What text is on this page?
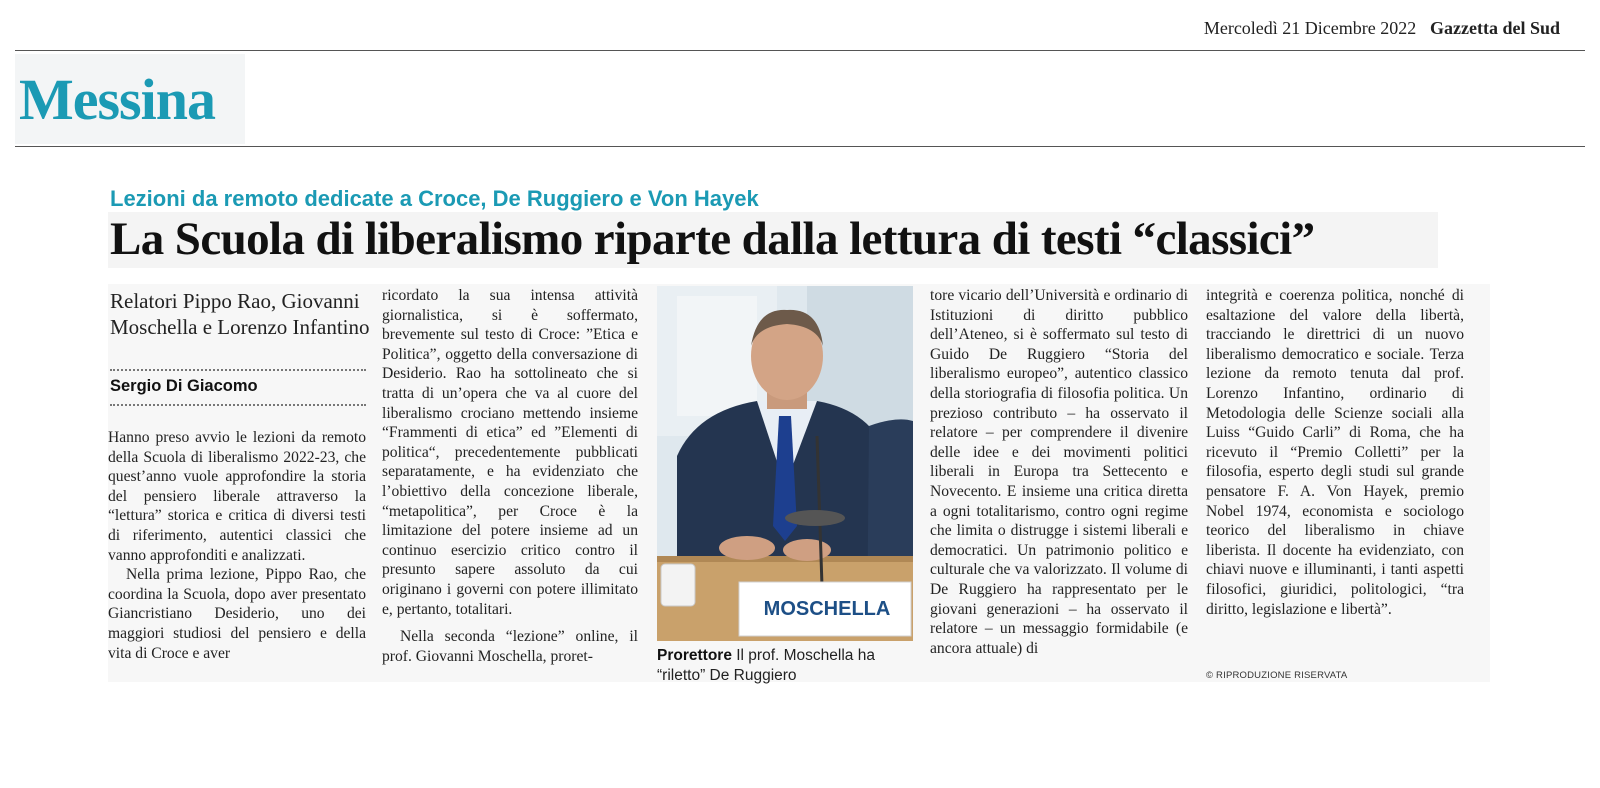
Mercoledì 21 Dicembre 2022 Gazzetta del Sud
Messina
Lezioni da remoto dedicate a Croce, De Ruggiero e Von Hayek
La Scuola di liberalismo riparte dalla lettura di testi “classici”
Relatori Pippo Rao, Giovanni Moschella e Lorenzo Infantino
Sergio Di Giacomo

Hanno preso avvio le lezioni da remoto della Scuola di liberalismo 2022-23, che quest’anno vuole approfondire la storia del pensiero liberale attraverso la “lettura” storica e critica di diversi testi di riferimento, autentici classici che vanno approfonditi e analizzati.

Nella prima lezione, Pippo Rao, che coordina la Scuola, dopo aver presentato Giancristiano Desiderio, uno dei maggiori studiosi del pensiero e della vita di Croce e aver

ricordato la sua intensa attività giornalistica, si è soffermato, brevemente sul testo di Croce: ”Etica e Politica”, oggetto della conversazione di Desiderio. Rao ha sottolineato che si tratta di un’opera che va al cuore del liberalismo crociano mettendo insieme “Frammenti di etica” ed ”Elementi di politica“, precedentemente pubblicati separatamente, e ha evidenziato che l’obiettivo della concezione liberale, “metapolitica”, per Croce è la limitazione del potere insieme ad un continuo esercizio critico contro il presunto sapere assoluto da cui originano i governi con potere illimitato e, pertanto, totalitari.

Nella seconda “lezione” online, il prof. Giovanni Moschella, proret-

MOSCHELLA
Prorettore Il prof. Moschella ha “riletto” De Ruggiero

tore vicario dell’Università e ordinario di Istituzioni di diritto pubblico dell’Ateneo, si è soffermato sul testo di Guido De Ruggiero “Storia del liberalismo europeo”, autentico classico della storiografia di filosofia politica. Un prezioso contributo – ha osservato il relatore – per comprendere il divenire delle idee e dei movimenti politici liberali in Europa tra Settecento e Novecento. E insieme una critica diretta a ogni totalitarismo, contro ogni regime che limita o distrugge i sistemi liberali e democratici. Un patrimonio politico e culturale che va valorizzato. Il volume di De Ruggiero ha rappresentato per le giovani generazioni – ha osservato il relatore – un messaggio formidabile (e ancora attuale) di

integrità e coerenza politica, nonché di esaltazione del valore della libertà, tracciando le direttrici di un nuovo liberalismo democratico e sociale. Terza lezione da remoto tenuta dal prof. Lorenzo Infantino, ordinario di Metodologia delle Scienze sociali alla Luiss “Guido Carli” di Roma, che ha ricevuto il “Premio Colletti” per la filosofia, esperto degli studi sul grande pensatore F. A. Von Hayek, premio Nobel 1974, economista e sociologo teorico del liberalismo in chiave liberista. Il docente ha evidenziato, con chiavi nuove e illuminanti, i tanti aspetti filosofici, giuridici, politologici, “tra diritto, legislazione e libertà”.

© RIPRODUZIONE RISERVATA
